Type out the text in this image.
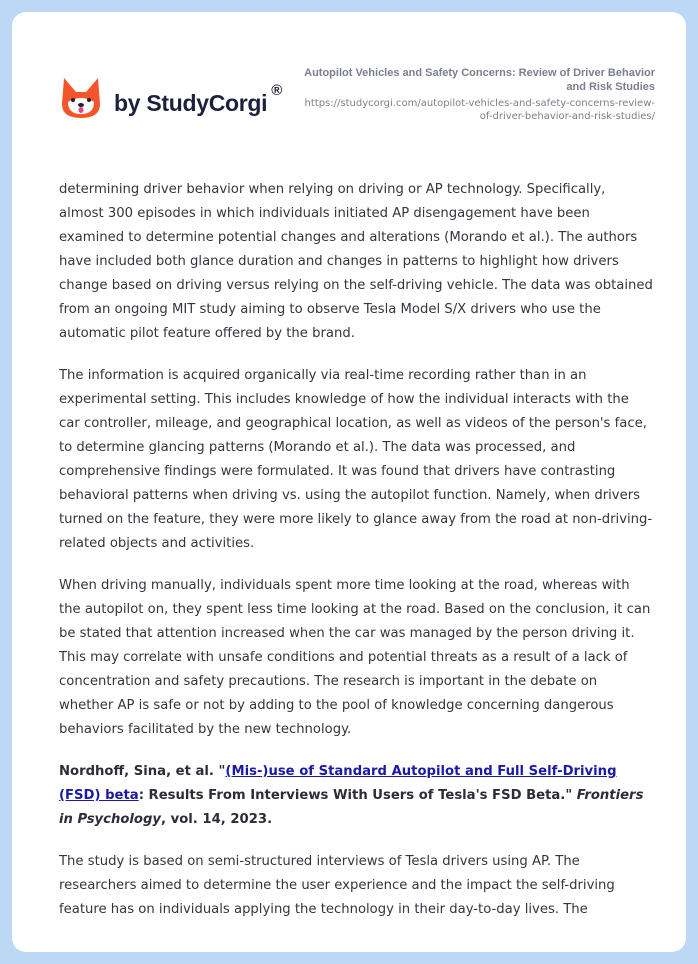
by StudyCorgi ®
Autopilot Vehicles and Safety Concerns: Review of Driver Behavior and Risk Studies
https://studycorgi.com/autopilot-vehicles-and-safety-concerns-review-of-driver-behavior-and-risk-studies/

determining driver behavior when relying on driving or AP technology. Specifically, almost 300 episodes in which individuals initiated AP disengagement have been examined to determine potential changes and alterations (Morando et al.). The authors have included both glance duration and changes in patterns to highlight how drivers change based on driving versus relying on the self-driving vehicle. The data was obtained from an ongoing MIT study aiming to observe Tesla Model S/X drivers who use the automatic pilot feature offered by the brand.

The information is acquired organically via real-time recording rather than in an experimental setting. This includes knowledge of how the individual interacts with the car controller, mileage, and geographical location, as well as videos of the person's face, to determine glancing patterns (Morando et al.). The data was processed, and comprehensive findings were formulated. It was found that drivers have contrasting behavioral patterns when driving vs. using the autopilot function. Namely, when drivers turned on the feature, they were more likely to glance away from the road at non-driving-related objects and activities.

When driving manually, individuals spent more time looking at the road, whereas with the autopilot on, they spent less time looking at the road. Based on the conclusion, it can be stated that attention increased when the car was managed by the person driving it. This may correlate with unsafe conditions and potential threats as a result of a lack of concentration and safety precautions. The research is important in the debate on whether AP is safe or not by adding to the pool of knowledge concerning dangerous behaviors facilitated by the new technology.

Nordhoff, Sina, et al. "(Mis-)use of Standard Autopilot and Full Self-Driving (FSD) beta: Results From Interviews With Users of Tesla's FSD Beta." Frontiers in Psychology, vol. 14, 2023.

The study is based on semi-structured interviews of Tesla drivers using AP. The researchers aimed to determine the user experience and the impact the self-driving feature has on individuals applying the technology in their day-to-day lives. The
